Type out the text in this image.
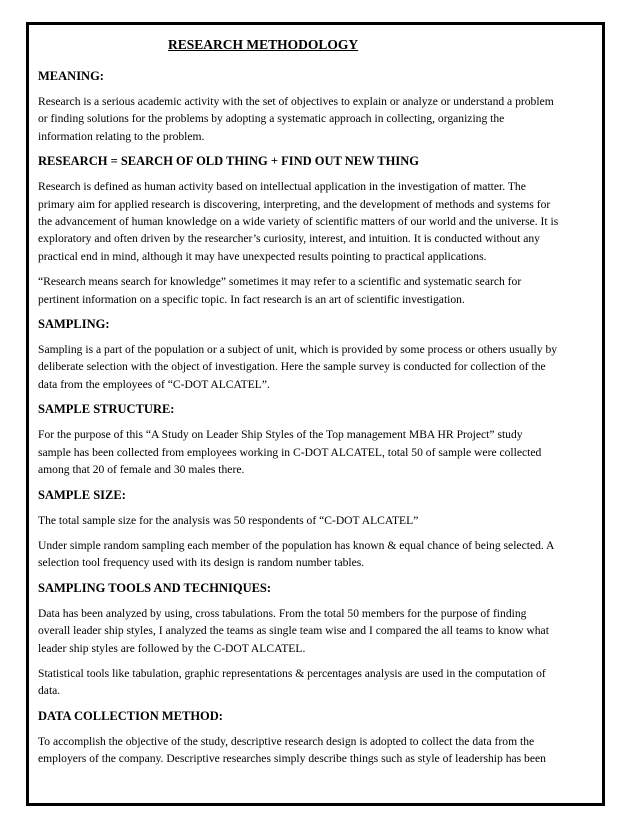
RESEARCH METHODOLOGY
MEANING:

Research is a serious academic activity with the set of objectives to explain or analyze or understand a problem
or finding solutions for the problems by adopting a systematic approach in collecting, organizing the
information relating to the problem.

RESEARCH = SEARCH OF OLD THING + FIND OUT NEW THING

Research is defined as human activity based on intellectual application in the investigation of matter. The
primary aim for applied research is discovering, interpreting, and the development of methods and systems for
the advancement of human knowledge on a wide variety of scientific matters of our world and the universe. It is
exploratory and often driven by the researcher’s curiosity, interest, and intuition. It is conducted without any
practical end in mind, although it may have unexpected results pointing to practical applications.

“Research means search for knowledge” sometimes it may refer to a scientific and systematic search for
pertinent information on a specific topic. In fact research is an art of scientific investigation.

SAMPLING:

Sampling is a part of the population or a subject of unit, which is provided by some process or others usually by
deliberate selection with the object of investigation. Here the sample survey is conducted for collection of the
data from the employees of “C-DOT ALCATEL”.

SAMPLE STRUCTURE:

For the purpose of this “A Study on Leader Ship Styles of the Top management MBA HR Project” study
sample has been collected from employees working in C-DOT ALCATEL, total 50 of sample were collected
among that 20 of female and 30 males there.

SAMPLE SIZE:

The total sample size for the analysis was 50 respondents of “C-DOT ALCATEL”

Under simple random sampling each member of the population has known & equal chance of being selected. A
selection tool frequency used with its design is random number tables.

SAMPLING TOOLS AND TECHNIQUES:

Data has been analyzed by using, cross tabulations. From the total 50 members for the purpose of finding
overall leader ship styles, I analyzed the teams as single team wise and I compared the all teams to know what
leader ship styles are followed by the C-DOT ALCATEL.

Statistical tools like tabulation, graphic representations & percentages analysis are used in the computation of
data.

DATA COLLECTION METHOD:

To accomplish the objective of the study, descriptive research design is adopted to collect the data from the
employers of the company. Descriptive researches simply describe things such as style of leadership has been
